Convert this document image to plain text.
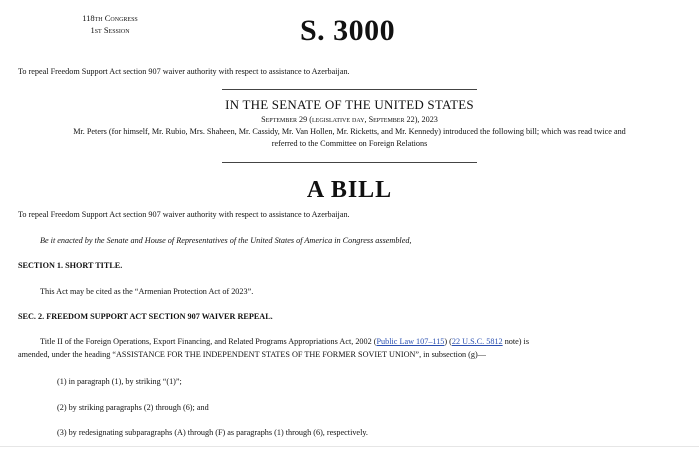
118th Congress
1st Session	S. 3000
To repeal Freedom Support Act section 907 waiver authority with respect to assistance to Azerbaijan.
IN THE SENATE OF THE UNITED STATES
September 29 (legislative day, September 22), 2023
Mr. Peters (for himself, Mr. Rubio, Mrs. Shaheen, Mr. Cassidy, Mr. Van Hollen, Mr. Ricketts, and Mr. Kennedy) introduced the following bill; which was read twice and
referred to the Committee on Foreign Relations
A BILL
To repeal Freedom Support Act section 907 waiver authority with respect to assistance to Azerbaijan.
Be it enacted by the Senate and House of Representatives of the United States of America in Congress assembled,
SECTION 1. SHORT TITLE.
This Act may be cited as the “Armenian Protection Act of 2023”.
SEC. 2. FREEDOM SUPPORT ACT SECTION 907 WAIVER REPEAL.
Title II of the Foreign Operations, Export Financing, and Related Programs Appropriations Act, 2002 (Public Law 107–115) (22 U.S.C. 5812 note) is
amended, under the heading “ASSISTANCE FOR THE INDEPENDENT STATES OF THE FORMER SOVIET UNION”, in subsection (g)—
(1) in paragraph (1), by striking “(1)”;
(2) by striking paragraphs (2) through (6); and
(3) by redesignating subparagraphs (A) through (F) as paragraphs (1) through (6), respectively.
